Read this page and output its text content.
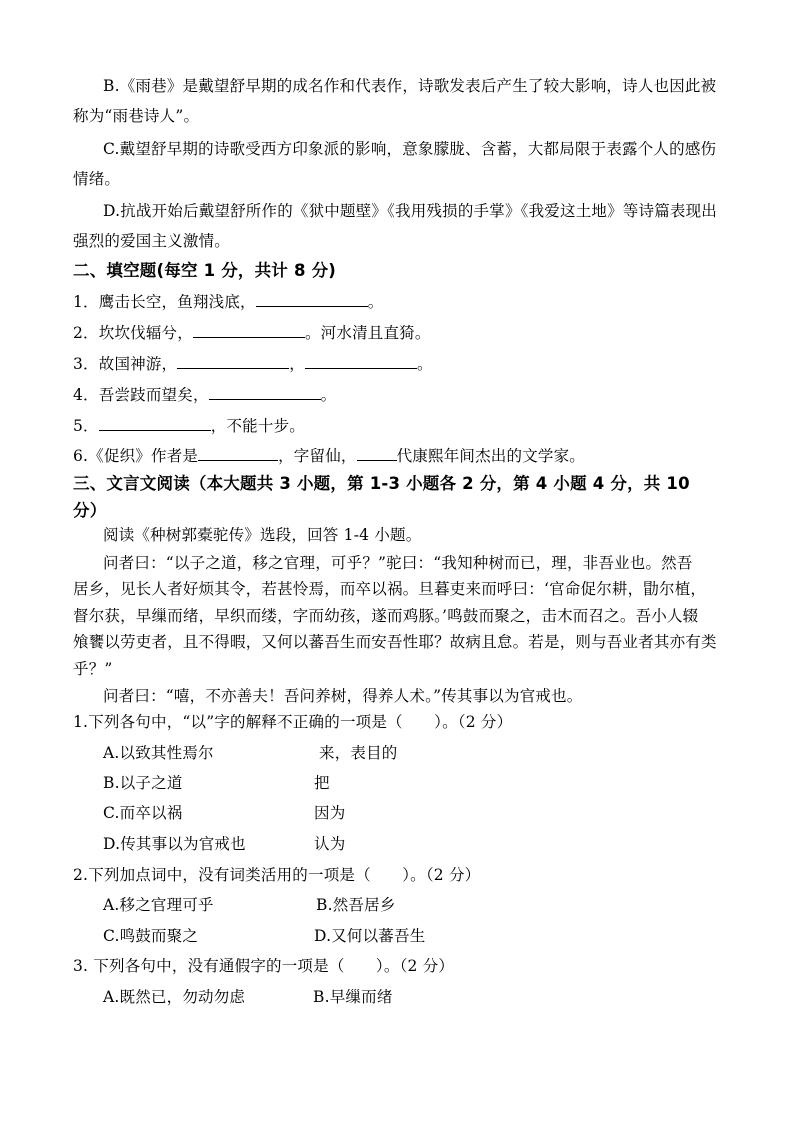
B.《雨巷》是戴望舒早期的成名作和代表作，诗歌发表后产生了较大影响，诗人也因此被
称为“雨巷诗人”。
C.戴望舒早期的诗歌受西方印象派的影响，意象朦胧、含蓄，大都局限于表露个人的感伤
情绪。
D.抗战开始后戴望舒所作的《狱中题壁》《我用残损的手掌》《我爱这土地》等诗篇表现出
强烈的爱国主义激情。
二、填空题(每空 1 分，共计 8 分)
1．鹰击长空，鱼翔浅底，	。
2．坎坎伐辐兮，	。河水清且直猗。
3．故国神游，	，	。
4．吾尝跂而望矣，	。
5．	，不能十步。
6.《促织》作者是	，字留仙，	代康熙年间杰出的文学家。
三、文言文阅读（本大题共 3 小题，第 1-3 小题各 2 分，第 4 小题 4 分，共 10
分）
阅读《种树郭橐驼传》选段，回答 1-4 小题。
问者曰：“以子之道，移之官理，可乎？”驼曰：“我知种树而已，理，非吾业也。然吾
居乡，见长人者好烦其令，若甚怜焉，而卒以祸。旦暮吏来而呼曰：‘官命促尔耕，勖尔植，
督尔获，早缫而绪，早织而缕，字而幼孩，遂而鸡豚。’鸣鼓而聚之，击木而召之。吾小人辍
飧饔以劳吏者，且不得暇，又何以蕃吾生而安吾性耶？故病且怠。若是，则与吾业者其亦有类
乎？”
问者曰：“嘻，不亦善夫！吾问养树，得养人术。”传其事以为官戒也。
1.下列各句中，“以”字的解释不正确的一项是（　　）。（2 分）
A.以致其性焉尔	来，表目的
B.以子之道	把
C.而卒以祸	因为
D.传其事以为官戒也	认为
2.下列加点词中，没有词类活用的一项是（　　）。（2 分）
A.移之官理可乎	B.然吾居乡
C.鸣鼓而聚之	D.又何以蕃吾生
3. 下列各句中，没有通假字的一项是（　　）。（2 分）
A.既然已，勿动勿虑	B.早缫而绪
